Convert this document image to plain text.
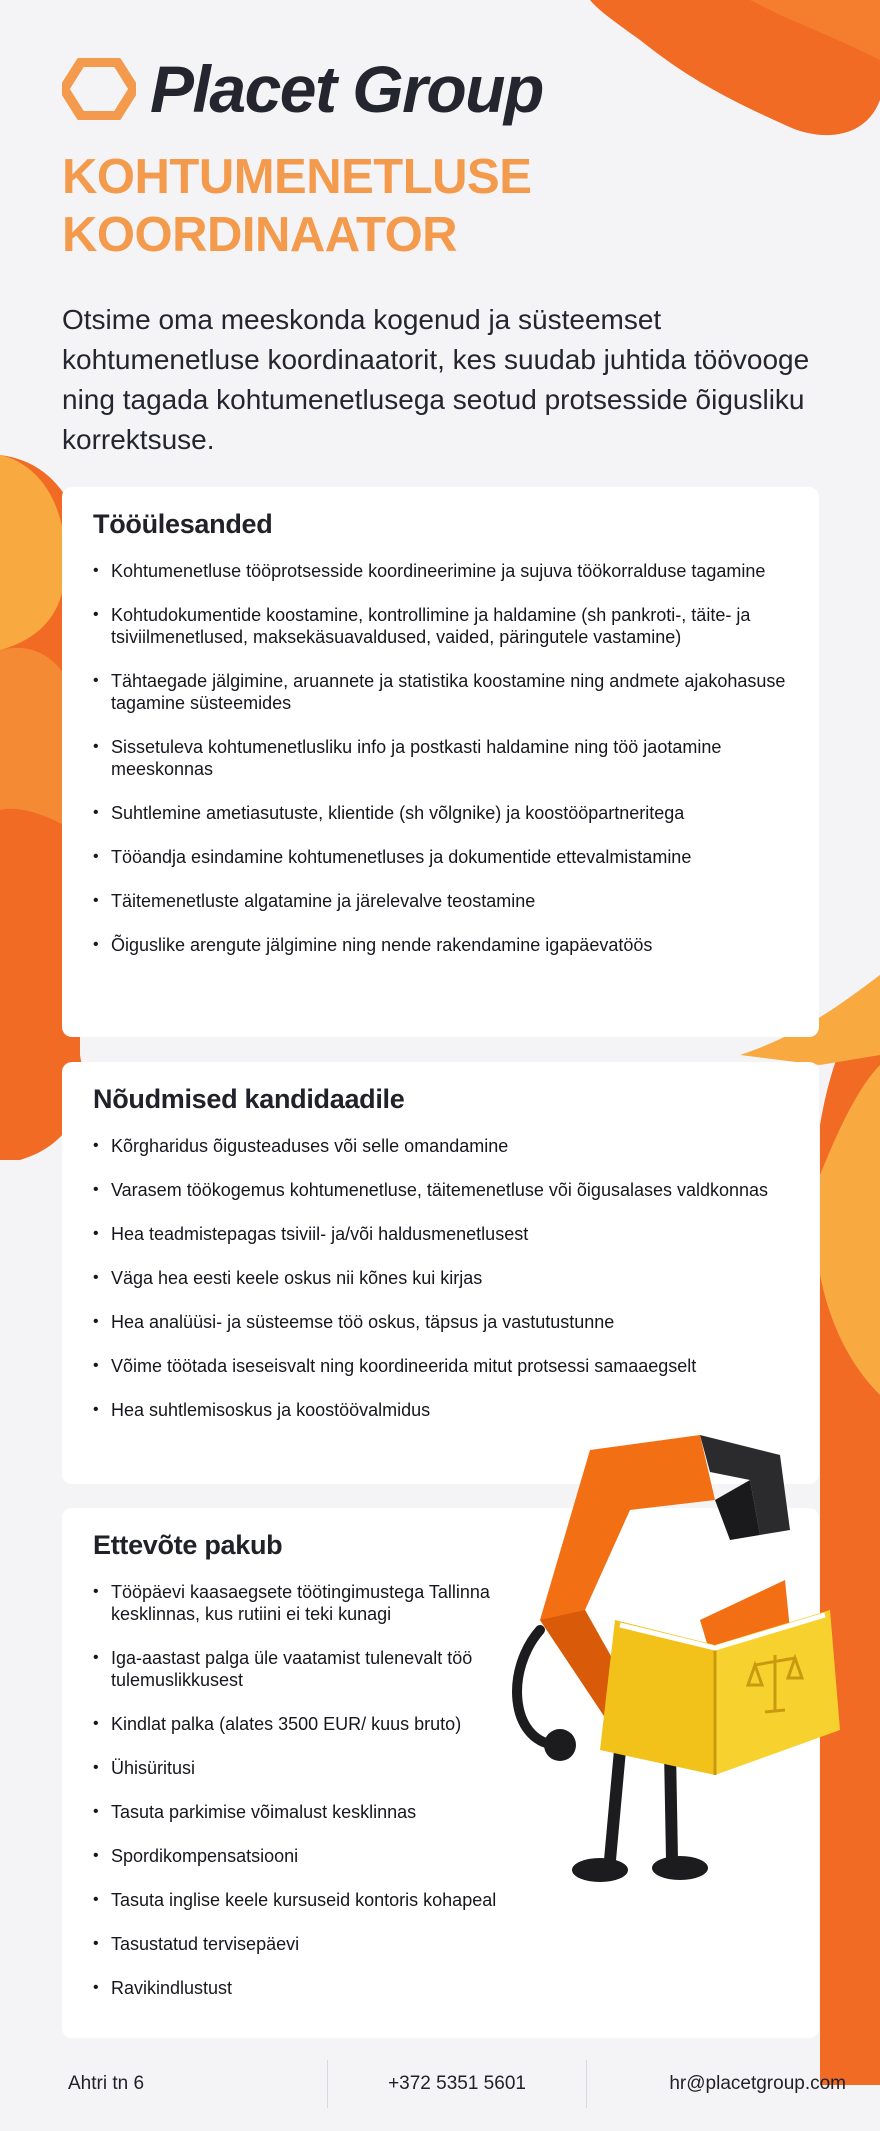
Placet Group
KOHTUMENETLUSE
KOORDINAATOR

Otsime oma meeskonda kogenud ja süsteemset kohtumenetluse koordinaatorit, kes suudab juhtida töövooge ning tagada kohtumenetlusega seotud protsesside õigusliku korrektsuse.

Tööülesanded
• Kohtumenetluse tööprotsesside koordineerimine ja sujuva töökorralduse tagamine
• Kohtudokumentide koostamine, kontrollimine ja haldamine (sh pankroti-, täite- ja tsiviilmenetlused, maksekäsuavaldused, vaided, päringutele vastamine)
• Tähtaegade jälgimine, aruannete ja statistika koostamine ning andmete ajakohasuse tagamine süsteemides
• Sissetuleva kohtumenetlusliku info ja postkasti haldamine ning töö jaotamine meeskonnas
• Suhtlemine ametiasutuste, klientide (sh võlgnike) ja koostööpartneritega
• Tööandja esindamine kohtumenetluses ja dokumentide ettevalmistamine
• Täitemenetluste algatamine ja järelevalve teostamine
• Õiguslike arengute jälgimine ning nende rakendamine igapäevatöös
Nõudmised kandidaadile
• Kõrgharidus õigusteaduses või selle omandamine
• Varasem töökogemus kohtumenetluse, täitemenetluse või õigusalases valdkonnas
• Hea teadmistepagas tsiviil- ja/või haldusmenetlusest
• Väga hea eesti keele oskus nii kõnes kui kirjas
• Hea analüüsi- ja süsteemse töö oskus, täpsus ja vastutustunne
• Võime töötada iseseisvalt ning koordineerida mitut protsessi samaaegselt
• Hea suhtlemisoskus ja koostöövalmidus
Ettevõte pakub
• Tööpäevi kaasaegsete töötingimustega Tallinna kesklinnas, kus rutiini ei teki kunagi
• Iga-aastast palga üle vaatamist tulenevalt töö tulemuslikkusest
• Kindlat palka (alates 3500 EUR/ kuus bruto)
• Ühisüritusi
• Tasuta parkimise võimalust kesklinnas
• Spordikompensatsiooni
• Tasuta inglise keele kursuseid kontoris kohapeal
• Tasustatud tervisepäevi
• Ravikindlustust
Ahtri tn 6	+372 5351 5601	hr@placetgroup.com
